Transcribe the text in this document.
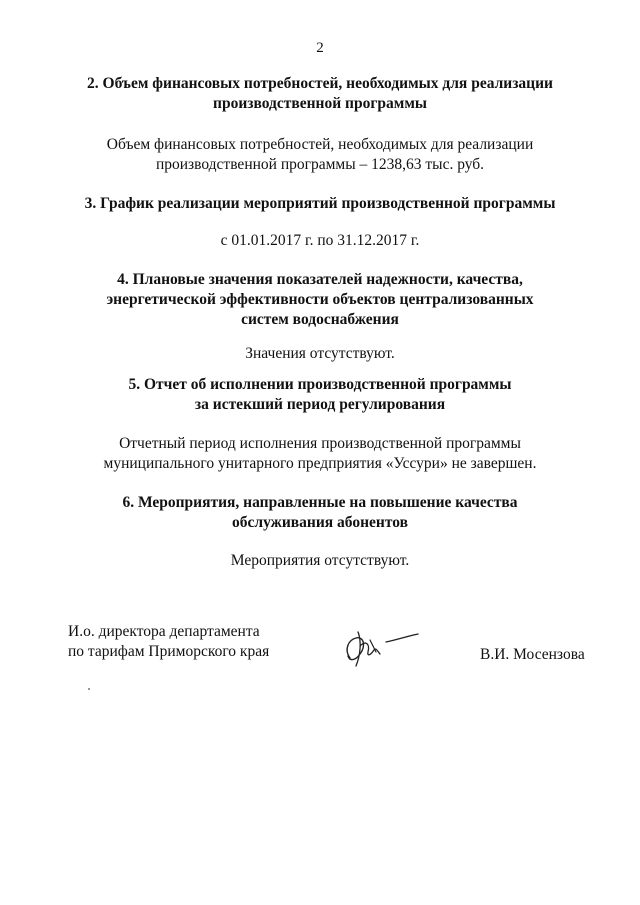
2
2. Объем финансовых потребностей, необходимых для реализации
производственной программы
Объем финансовых потребностей, необходимых для реализации
производственной программы – 1238,63 тыс. руб.
3. График реализации мероприятий производственной программы
с 01.01.2017 г. по 31.12.2017 г.
4. Плановые значения показателей надежности, качества,
энергетической эффективности объектов централизованных
систем водоснабжения
Значения отсутствуют.
5. Отчет об исполнении производственной программы
за истекший период регулирования
Отчетный период исполнения производственной программы
муниципального унитарного предприятия «Уссури» не завершен.
6. Мероприятия, направленные на повышение качества
обслуживания абонентов
Мероприятия отсутствуют.
И.о. директора департамента
по тарифам Приморского края	В.И. Мосензова
